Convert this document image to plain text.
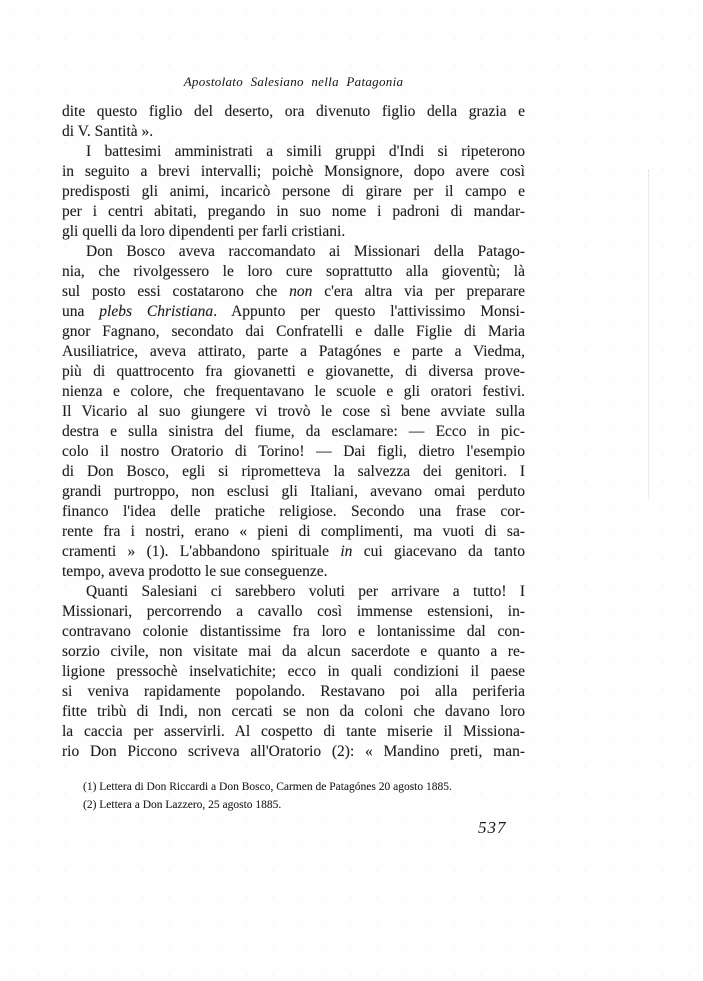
Apostolato Salesiano nella Patagonia
dite questo figlio del deserto, ora divenuto figlio della grazia e
di V. Santità ».
I battesimi amministrati a simili gruppi d'Indi si ripeterono
in seguito a brevi intervalli; poichè Monsignore, dopo avere così
predisposti gli animi, incaricò persone di girare per il campo e
per i centri abitati, pregando in suo nome i padroni di mandar-
gli quelli da loro dipendenti per farli cristiani.
Don Bosco aveva raccomandato ai Missionari della Patago-
nia, che rivolgessero le loro cure soprattutto alla gioventù; là
sul posto essi costatarono che non c'era altra via per preparare
una plebs Christiana. Appunto per questo l'attivissimo Monsi-
gnor Fagnano, secondato dai Confratelli e dalle Figlie di Maria
Ausiliatrice, aveva attirato, parte a Patagónes e parte a Viedma,
più di quattrocento fra giovanetti e giovanette, di diversa prove-
nienza e colore, che frequentavano le scuole e gli oratori festivi.
Il Vicario al suo giungere vi trovò le cose sì bene avviate sulla
destra e sulla sinistra del fiume, da esclamare: — Ecco in pic-
colo il nostro Oratorio di Torino! — Dai figli, dietro l'esempio
di Don Bosco, egli si riprometteva la salvezza dei genitori. I
grandi purtroppo, non esclusi gli Italiani, avevano omai perduto
financo l'idea delle pratiche religiose. Secondo una frase cor-
rente fra i nostri, erano « pieni di complimenti, ma vuoti di sa-
cramenti » (1). L'abbandono spirituale in cui giacevano da tanto
tempo, aveva prodotto le sue conseguenze.
Quanti Salesiani ci sarebbero voluti per arrivare a tutto! I
Missionari, percorrendo a cavallo così immense estensioni, in-
contravano colonie distantissime fra loro e lontanissime dal con-
sorzio civile, non visitate mai da alcun sacerdote e quanto a re-
ligione pressochè inselvatichite; ecco in quali condizioni il paese
si veniva rapidamente popolando. Restavano poi alla periferia
fitte tribù di Indi, non cercati se non da coloni che davano loro
la caccia per asservirli. Al cospetto di tante miserie il Missiona-
rio Don Piccono scriveva all'Oratorio (2): « Mandino preti, man-
(1) Lettera di Don Riccardi a Don Bosco, Carmen de Patagónes 20 agosto 1885.
(2) Lettera a Don Lazzero, 25 agosto 1885.
537
